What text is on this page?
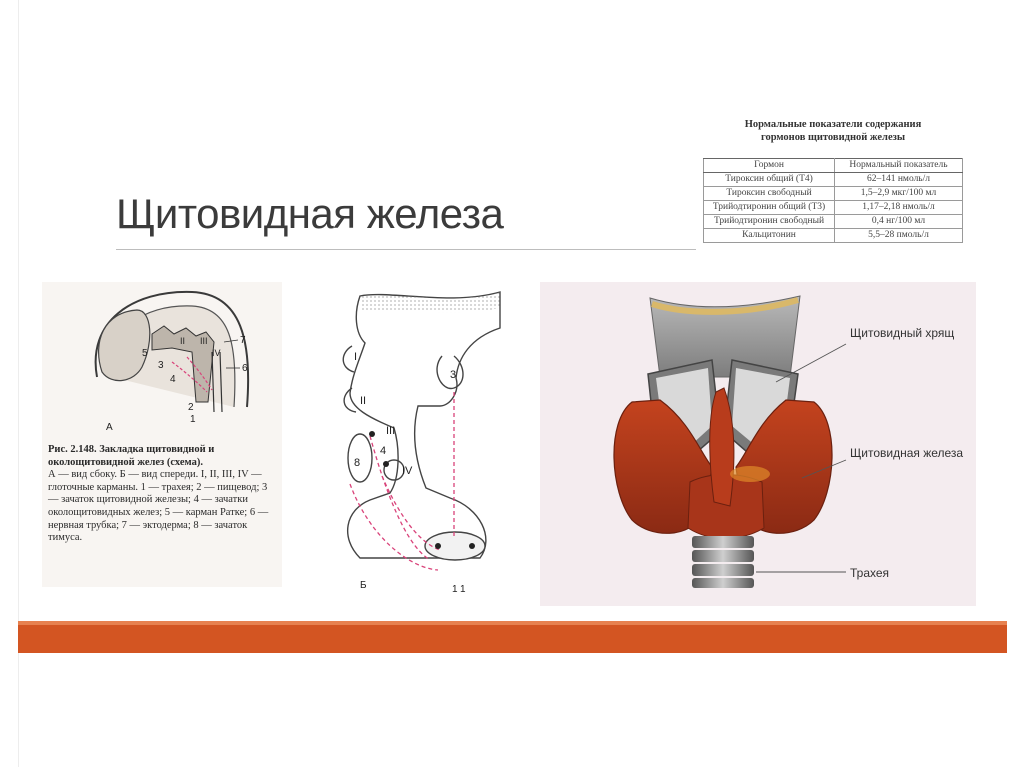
Щитовидная железа
Нормальные показатели содержания
гормонов щитовидной железы
Гормон	Нормальный показатель
Тироксин общий (Т4)	62–141 нмоль/л
Тироксин свободный	1,5–2,9 мкг/100 мл
Трийодтиронин общий (Т3)	1,17–2,18 нмоль/л
Трийодтиронин свободный	0,4 нг/100 мл
Кальцитонин	5,5–28 пмоль/л
7
6
5
3
4
2
1
II III
IV
А
Рис. 2.148. Закладка щитовидной и околощитовидной желез (схема).
А — вид сбоку. Б — вид спереди. I, II, III, IV — глоточные карманы. 1 — трахея; 2 — пищевод; 3 — зачаток щитовидной железы; 4 — зачатки околощитовидных желез; 5 — карман Ратке; 6 — нервная трубка; 7 — эктодерма; 8 — зачаток тимуса.
I
II
III
IV
3
4
8
1 1
Б
Щитовидный хрящ
Щитовидная железа
Трахея
